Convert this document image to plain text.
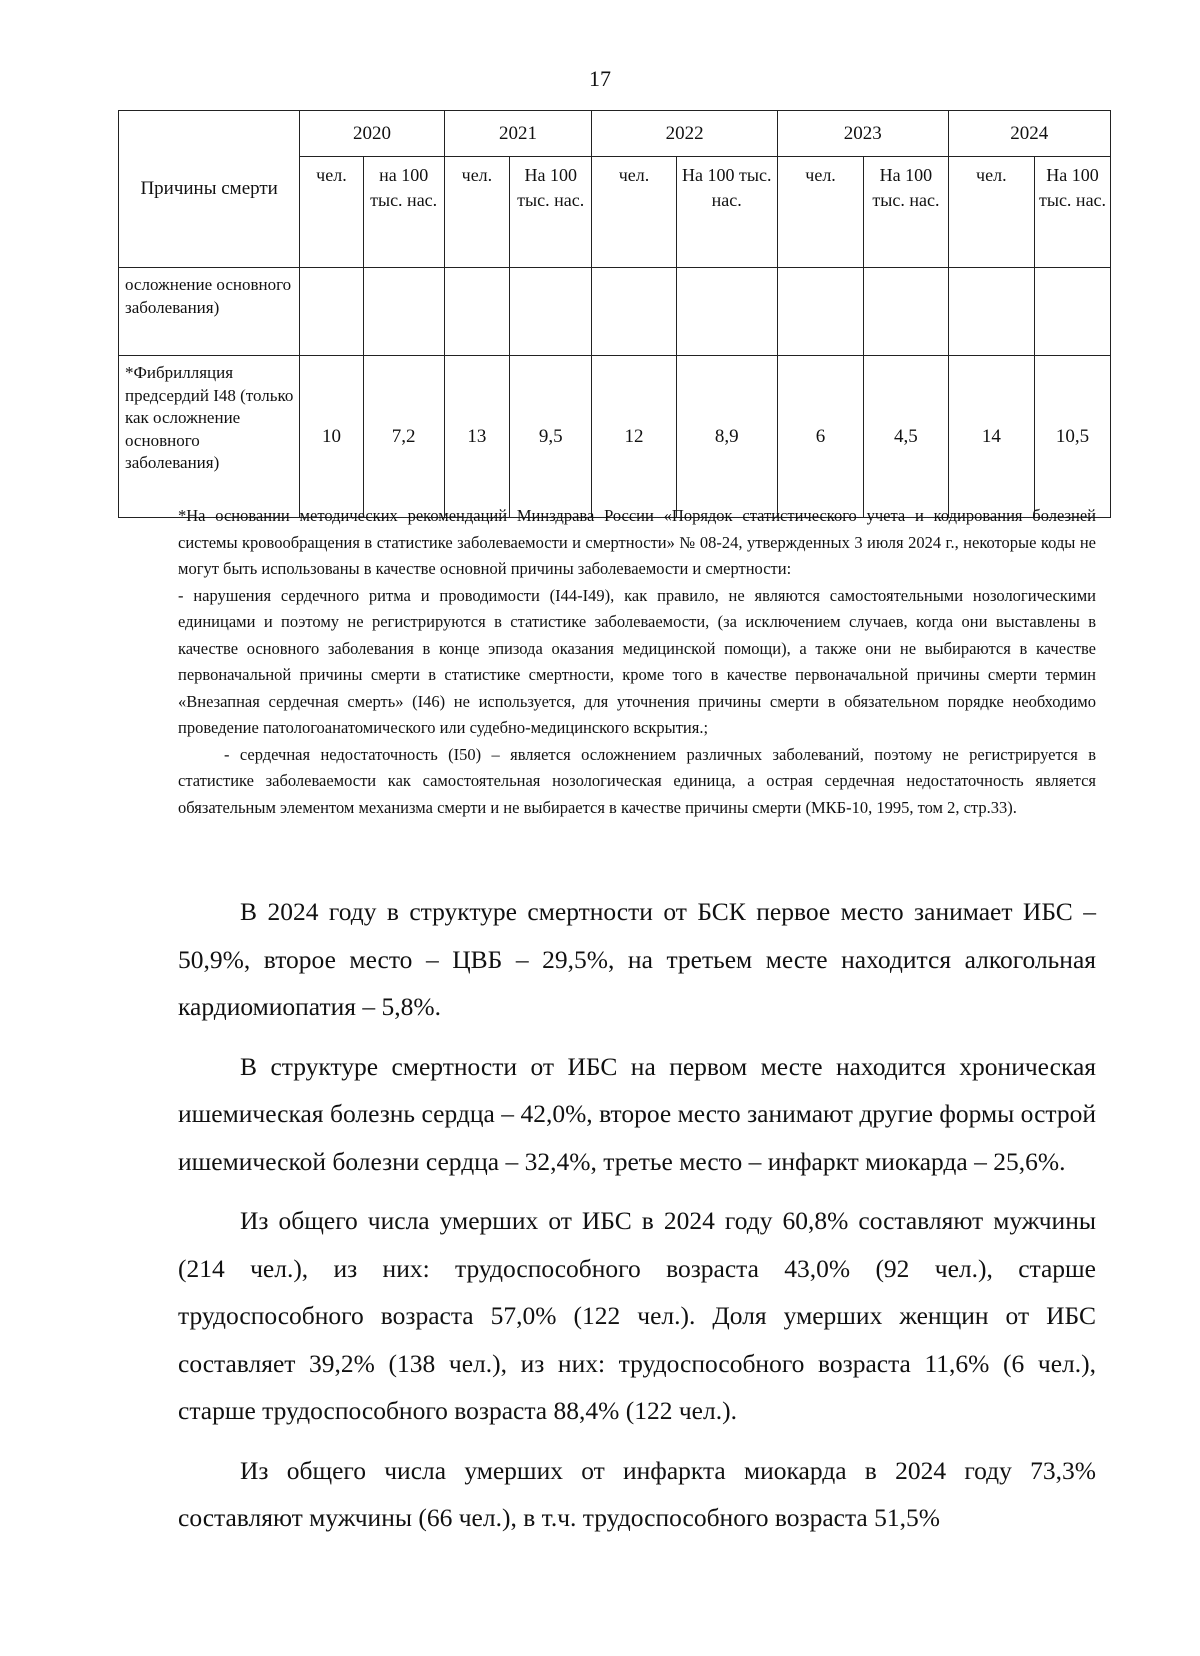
17
Причины смерти	2020		2021		2022		2023		2024	
	чел.	на 100 тыс. нас.	чел.	На 100 тыс. нас.	чел.	На 100 тыс. нас.	чел.	На 100 тыс. нас.	чел.	На 100 тыс. нас.
осложнение основного заболевания)										
*Фибрилляция предсердий I48 (только как осложнение основного заболевания)	10	7,2	13	9,5	12	8,9	6	4,5	14	10,5

*На основании методических рекомендаций Минздрава России «Порядок статистического учета и кодирования болезней системы кровообращения в статистике заболеваемости и смертности» № 08-24, утвержденных 3 июля 2024 г., некоторые коды не могут быть использованы в качестве основной причины заболеваемости и смертности:

- нарушения сердечного ритма и проводимости (I44-I49), как правило, не являются самостоятельными нозологическими единицами и поэтому не регистрируются в статистике заболеваемости, (за исключением случаев, когда они выставлены в качестве основного заболевания в конце эпизода оказания медицинской помощи), а также они не выбираются в качестве первоначальной причины смерти в статистике смертности, кроме того в качестве первоначальной причины смерти термин «Внезапная сердечная смерть» (I46) не используется, для уточнения причины смерти в обязательном порядке необходимо проведение патологоанатомического или судебно-медицинского вскрытия.;

- сердечная недостаточность (I50) – является осложнением различных заболеваний, поэтому не регистрируется в статистике заболеваемости как самостоятельная нозологическая единица, а острая сердечная недостаточность является обязательным элементом механизма смерти и не выбирается в качестве причины смерти (МКБ-10, 1995, том 2, стр.33).

В 2024 году в структуре смертности от БСК первое место занимает ИБС – 50,9%, второе место – ЦВБ – 29,5%, на третьем месте находится алкогольная кардиомиопатия – 5,8%.

В структуре смертности от ИБС на первом месте находится хроническая ишемическая болезнь сердца – 42,0%, второе место занимают другие формы острой ишемической болезни сердца – 32,4%, третье место – инфаркт миокарда – 25,6%.

Из общего числа умерших от ИБС в 2024 году 60,8% составляют мужчины (214 чел.), из них: трудоспособного возраста 43,0% (92 чел.), старше трудоспособного возраста 57,0% (122 чел.). Доля умерших женщин от ИБС составляет 39,2% (138 чел.), из них: трудоспособного возраста 11,6% (6 чел.), старше трудоспособного возраста 88,4% (122 чел.).

Из общего числа умерших от инфаркта миокарда в 2024 году 73,3% составляют мужчины (66 чел.), в т.ч. трудоспособного возраста 51,5%
